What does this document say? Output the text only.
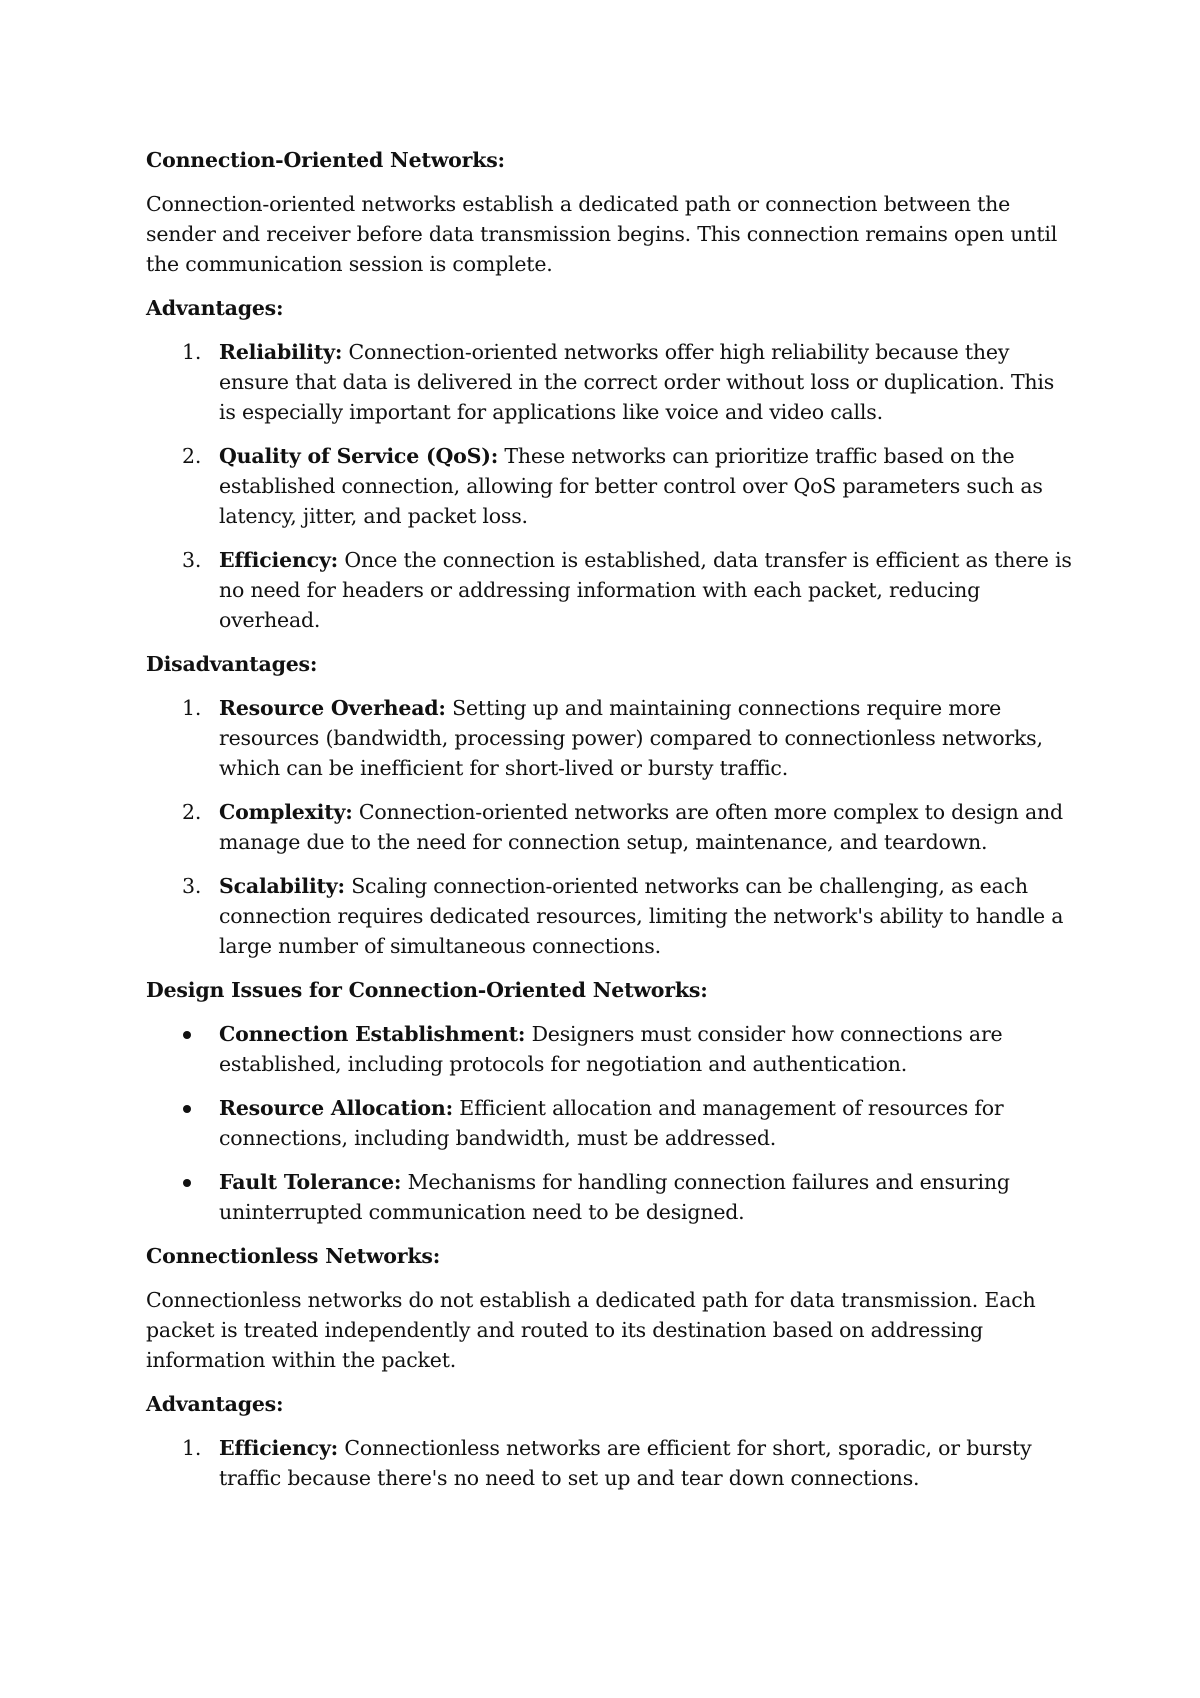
Connection-Oriented Networks:
Connection-oriented networks establish a dedicated path or connection between the sender and receiver before data transmission begins. This connection remains open until the communication session is complete.
Advantages:
1. Reliability: Connection-oriented networks offer high reliability because they ensure that data is delivered in the correct order without loss or duplication. This is especially important for applications like voice and video calls.
2. Quality of Service (QoS): These networks can prioritize traffic based on the established connection, allowing for better control over QoS parameters such as latency, jitter, and packet loss.
3. Efficiency: Once the connection is established, data transfer is efficient as there is no need for headers or addressing information with each packet, reducing overhead.
Disadvantages:
1. Resource Overhead: Setting up and maintaining connections require more resources (bandwidth, processing power) compared to connectionless networks, which can be inefficient for short-lived or bursty traffic.
2. Complexity: Connection-oriented networks are often more complex to design and manage due to the need for connection setup, maintenance, and teardown.
3. Scalability: Scaling connection-oriented networks can be challenging, as each connection requires dedicated resources, limiting the network's ability to handle a large number of simultaneous connections.
Design Issues for Connection-Oriented Networks:
Connection Establishment: Designers must consider how connections are established, including protocols for negotiation and authentication.
Resource Allocation: Efficient allocation and management of resources for connections, including bandwidth, must be addressed.
Fault Tolerance: Mechanisms for handling connection failures and ensuring uninterrupted communication need to be designed.
Connectionless Networks:
Connectionless networks do not establish a dedicated path for data transmission. Each packet is treated independently and routed to its destination based on addressing information within the packet.
Advantages:
1. Efficiency: Connectionless networks are efficient for short, sporadic, or bursty traffic because there's no need to set up and tear down connections.
